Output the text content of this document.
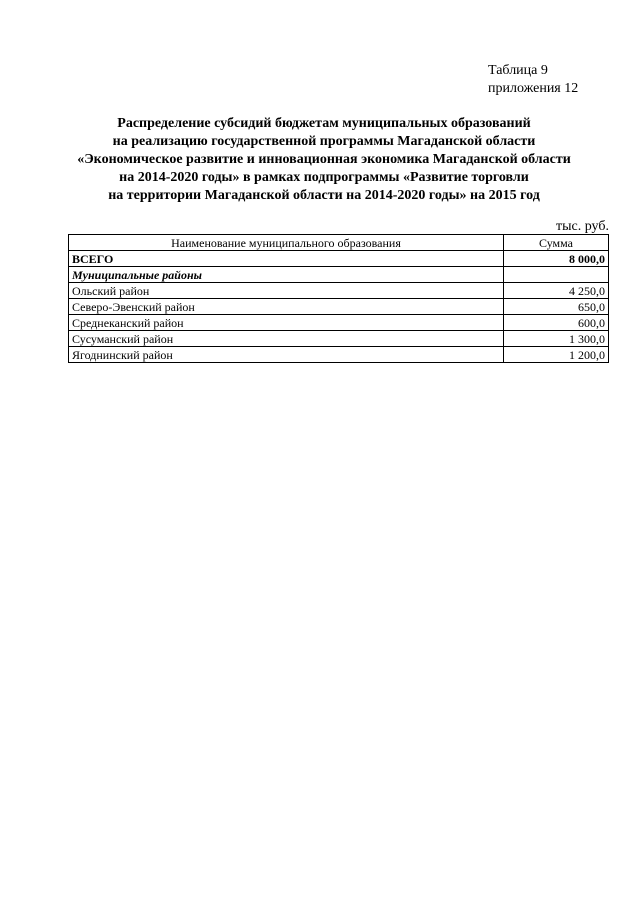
Таблица 9
приложения 12
Распределение субсидий бюджетам муниципальных образований
на реализацию государственной программы Магаданской области
«Экономическое развитие и инновационная экономика Магаданской области
на 2014-2020 годы» в рамках подпрограммы «Развитие торговли
на территории Магаданской области на 2014-2020 годы» на 2015 год
тыс. руб.
Наименование муниципального образования	Сумма
ВСЕГО	8 000,0
Муниципальные районы	
Ольский район	4 250,0
Северо-Эвенский район	650,0
Среднеканский район	600,0
Сусуманский район	1 300,0
Ягоднинский район	1 200,0
